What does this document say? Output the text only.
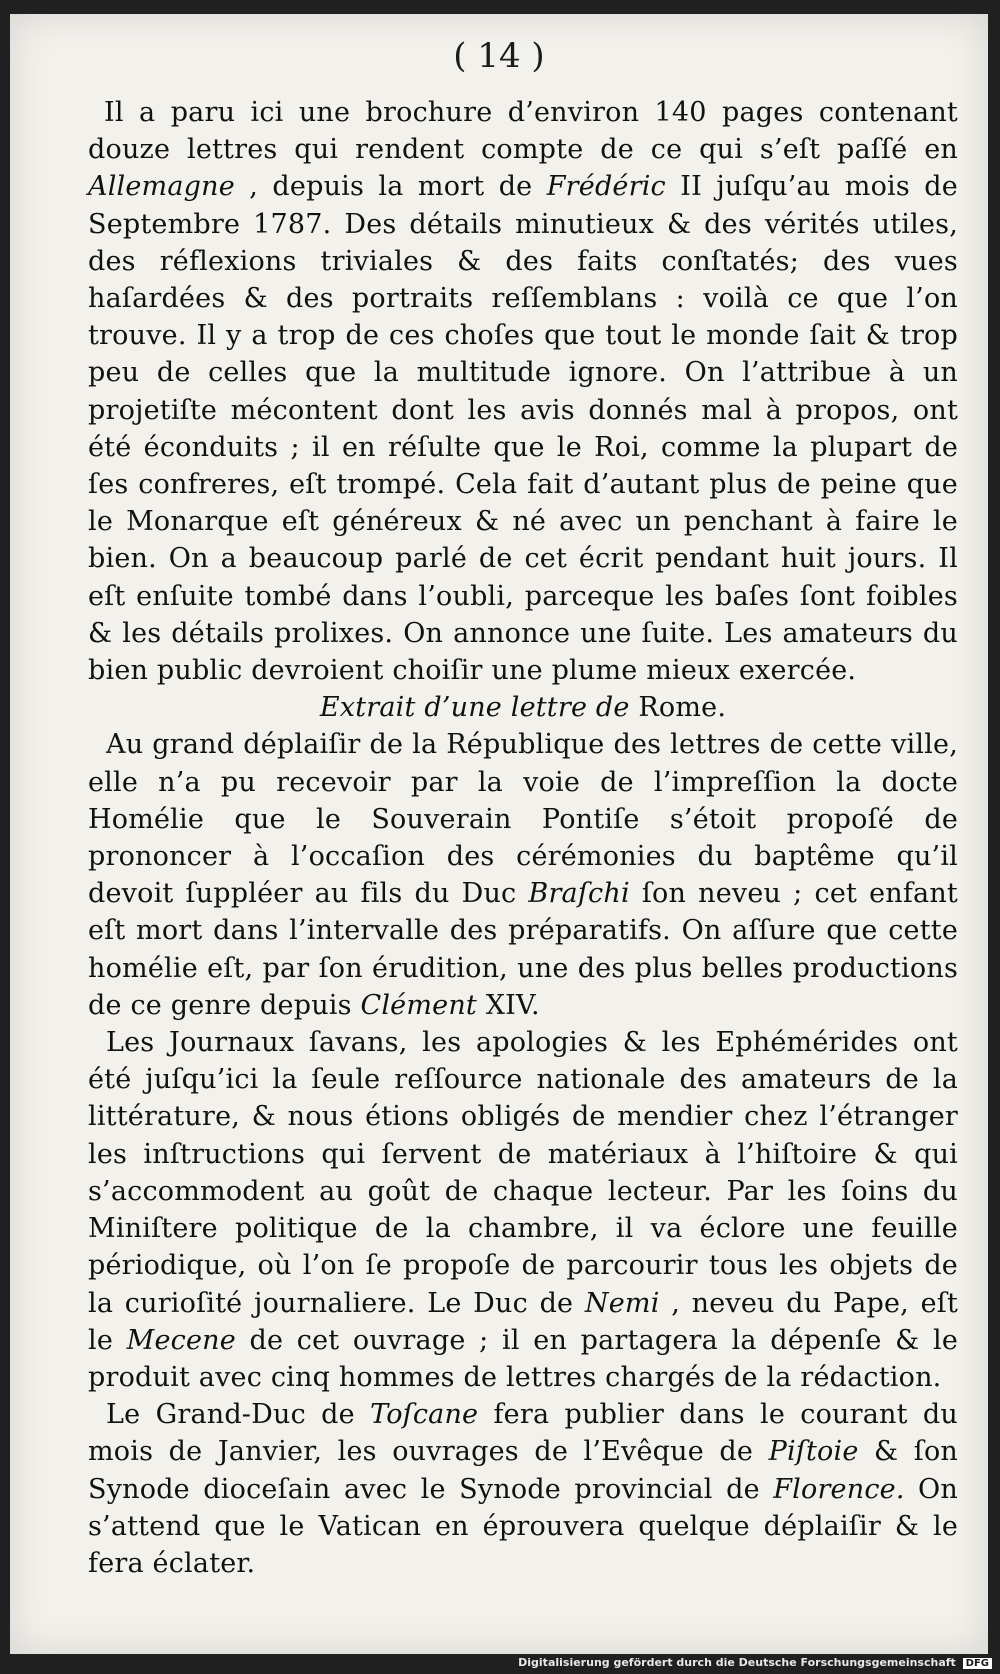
( 14 )

Il a paru ici une brochure d’environ 140 pages contenant douze lettres qui rendent compte de ce qui s’eſt paſſé en Allemagne , depuis la mort de Frédéric II juſqu’au mois de Septembre 1787. Des détails minutieux & des vérités utiles, des réflexions triviales & des faits conſtatés; des vues haſardées & des portraits reſſemblans : voilà ce que l’on trouve. Il y a trop de ces choſes que tout le monde ſait & trop peu de celles que la multitude ignore. On l’attribue à un projetiſte mécontent dont les avis donnés mal à propos, ont été éconduits ; il en réſulte que le Roi, comme la plupart de ſes confreres, eſt trompé. Cela fait d’autant plus de peine que le Monarque eſt généreux & né avec un penchant à faire le bien. On a beaucoup parlé de cet écrit pendant huit jours. Il eſt enſuite tombé dans l’oubli, parceque les baſes ſont foibles & les détails prolixes. On annonce une ſuite. Les amateurs du bien public devroient choiſir une plume mieux exercée.

Extrait d’une lettre de Rome.

Au grand déplaiſir de la République des lettres de cette ville, elle n’a pu recevoir par la voie de l’impreſſion la docte Homélie que le Souverain Pontiſe s’étoit propoſé de prononcer à l’occaſion des cérémonies du baptême qu’il devoit ſuppléer au fils du Duc Braſchi ſon neveu ; cet enfant eſt mort dans l’intervalle des préparatifs. On aſſure que cette homélie eſt, par ſon érudition, une des plus belles productions de ce genre depuis Clément XIV.

Les Journaux ſavans, les apologies & les Ephémérides ont été juſqu’ici la ſeule reſſource nationale des amateurs de la littérature, & nous étions obligés de mendier chez l’étranger les inſtructions qui ſervent de matériaux à l’hiſtoire & qui s’accommodent au goût de chaque lecteur. Par les ſoins du Miniſtere politique de la chambre, il va éclore une feuille périodique, où l’on ſe propoſe de parcourir tous les objets de la curioſité journaliere. Le Duc de Nemi , neveu du Pape, eſt le Mecene de cet ouvrage ; il en partagera la dépenſe & le produit avec cinq hommes de lettres chargés de la rédaction.

Le Grand-Duc de Toſcane fera publier dans le courant du mois de Janvier, les ouvrages de l’Evêque de Piſtoie & ſon Synode dioceſain avec le Synode provincial de Florence. On s’attend que le Vatican en éprouvera quelque déplaiſir & le fera éclater.

Digitalisierung gefördert durch die Deutsche Forschungsgemeinschaft DFG
